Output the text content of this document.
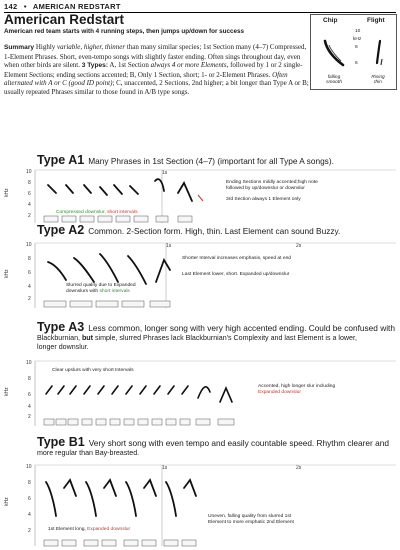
142 • AMERICAN REDSTART
American Redstart
American red team starts with 4 running steps, then jumps up/down for success
Summary Highly variable, higher, thinner than many similar species; 1st Section many (4–7) Compressed, 1-Element Phrases. Short, even-tempo songs with slightly faster ending. Often sings throughout day, even when other birds are silent. 3 Types: A, 1st Section always 4 or more Elements, followed by 1 or 2 single-Element Sections; ending sections accented; B, Only 1 Section, short; 1- or 2-Element Phrases. Often alternated with A or C (good ID point); C, unaccented, 2 Sections, 2nd higher; a bit longer than Type A or B; usually repeated Phrases similar to those found in A/B type songs.
Chip	Flight
10
kHz
8
6
falling
smooth
Rising
thin
Type A1 Many Phrases in 1st Section (4–7) (important for all Type A songs).
10
8
6
4
2
kHz
1s
Compressed downslur, short intervals
Ending Sections mildly accented;high note
followed by up/downslur or downslur
3rd Section always 1 Element only
Type A2 Common. 2-Section form. High, thin. Last Element can sound Buzzy.
10
8
6
4
2
kHz
1s	2s
Slurred quality due to Expanded
downslurs with short intervals
Shorter Interval increases emphasis, speed at end
Last Element lower, short. Expanded up/downslur
Type A3 Less common, longer song with very high accented ending. Could be confused with
Blackburnian, but simple, slurred Phrases lack Blackburnian's Complexity and last Element is a lower,
longer downslur.
10
8
6
4
2
kHz
Clear upslurs with very short Intervals
Accented, high longer slur including
Expanded downslur
Type B1 Very short song with even tempo and easily countable speed. Rhythm clearer and
more regular than Bay-breasted.
10
8
6
4
2
kHz
1s	2s
1st Element long, Expanded downslur
Uneven, falling quality from slurred 1st
Element to more emphatic 2nd Element
